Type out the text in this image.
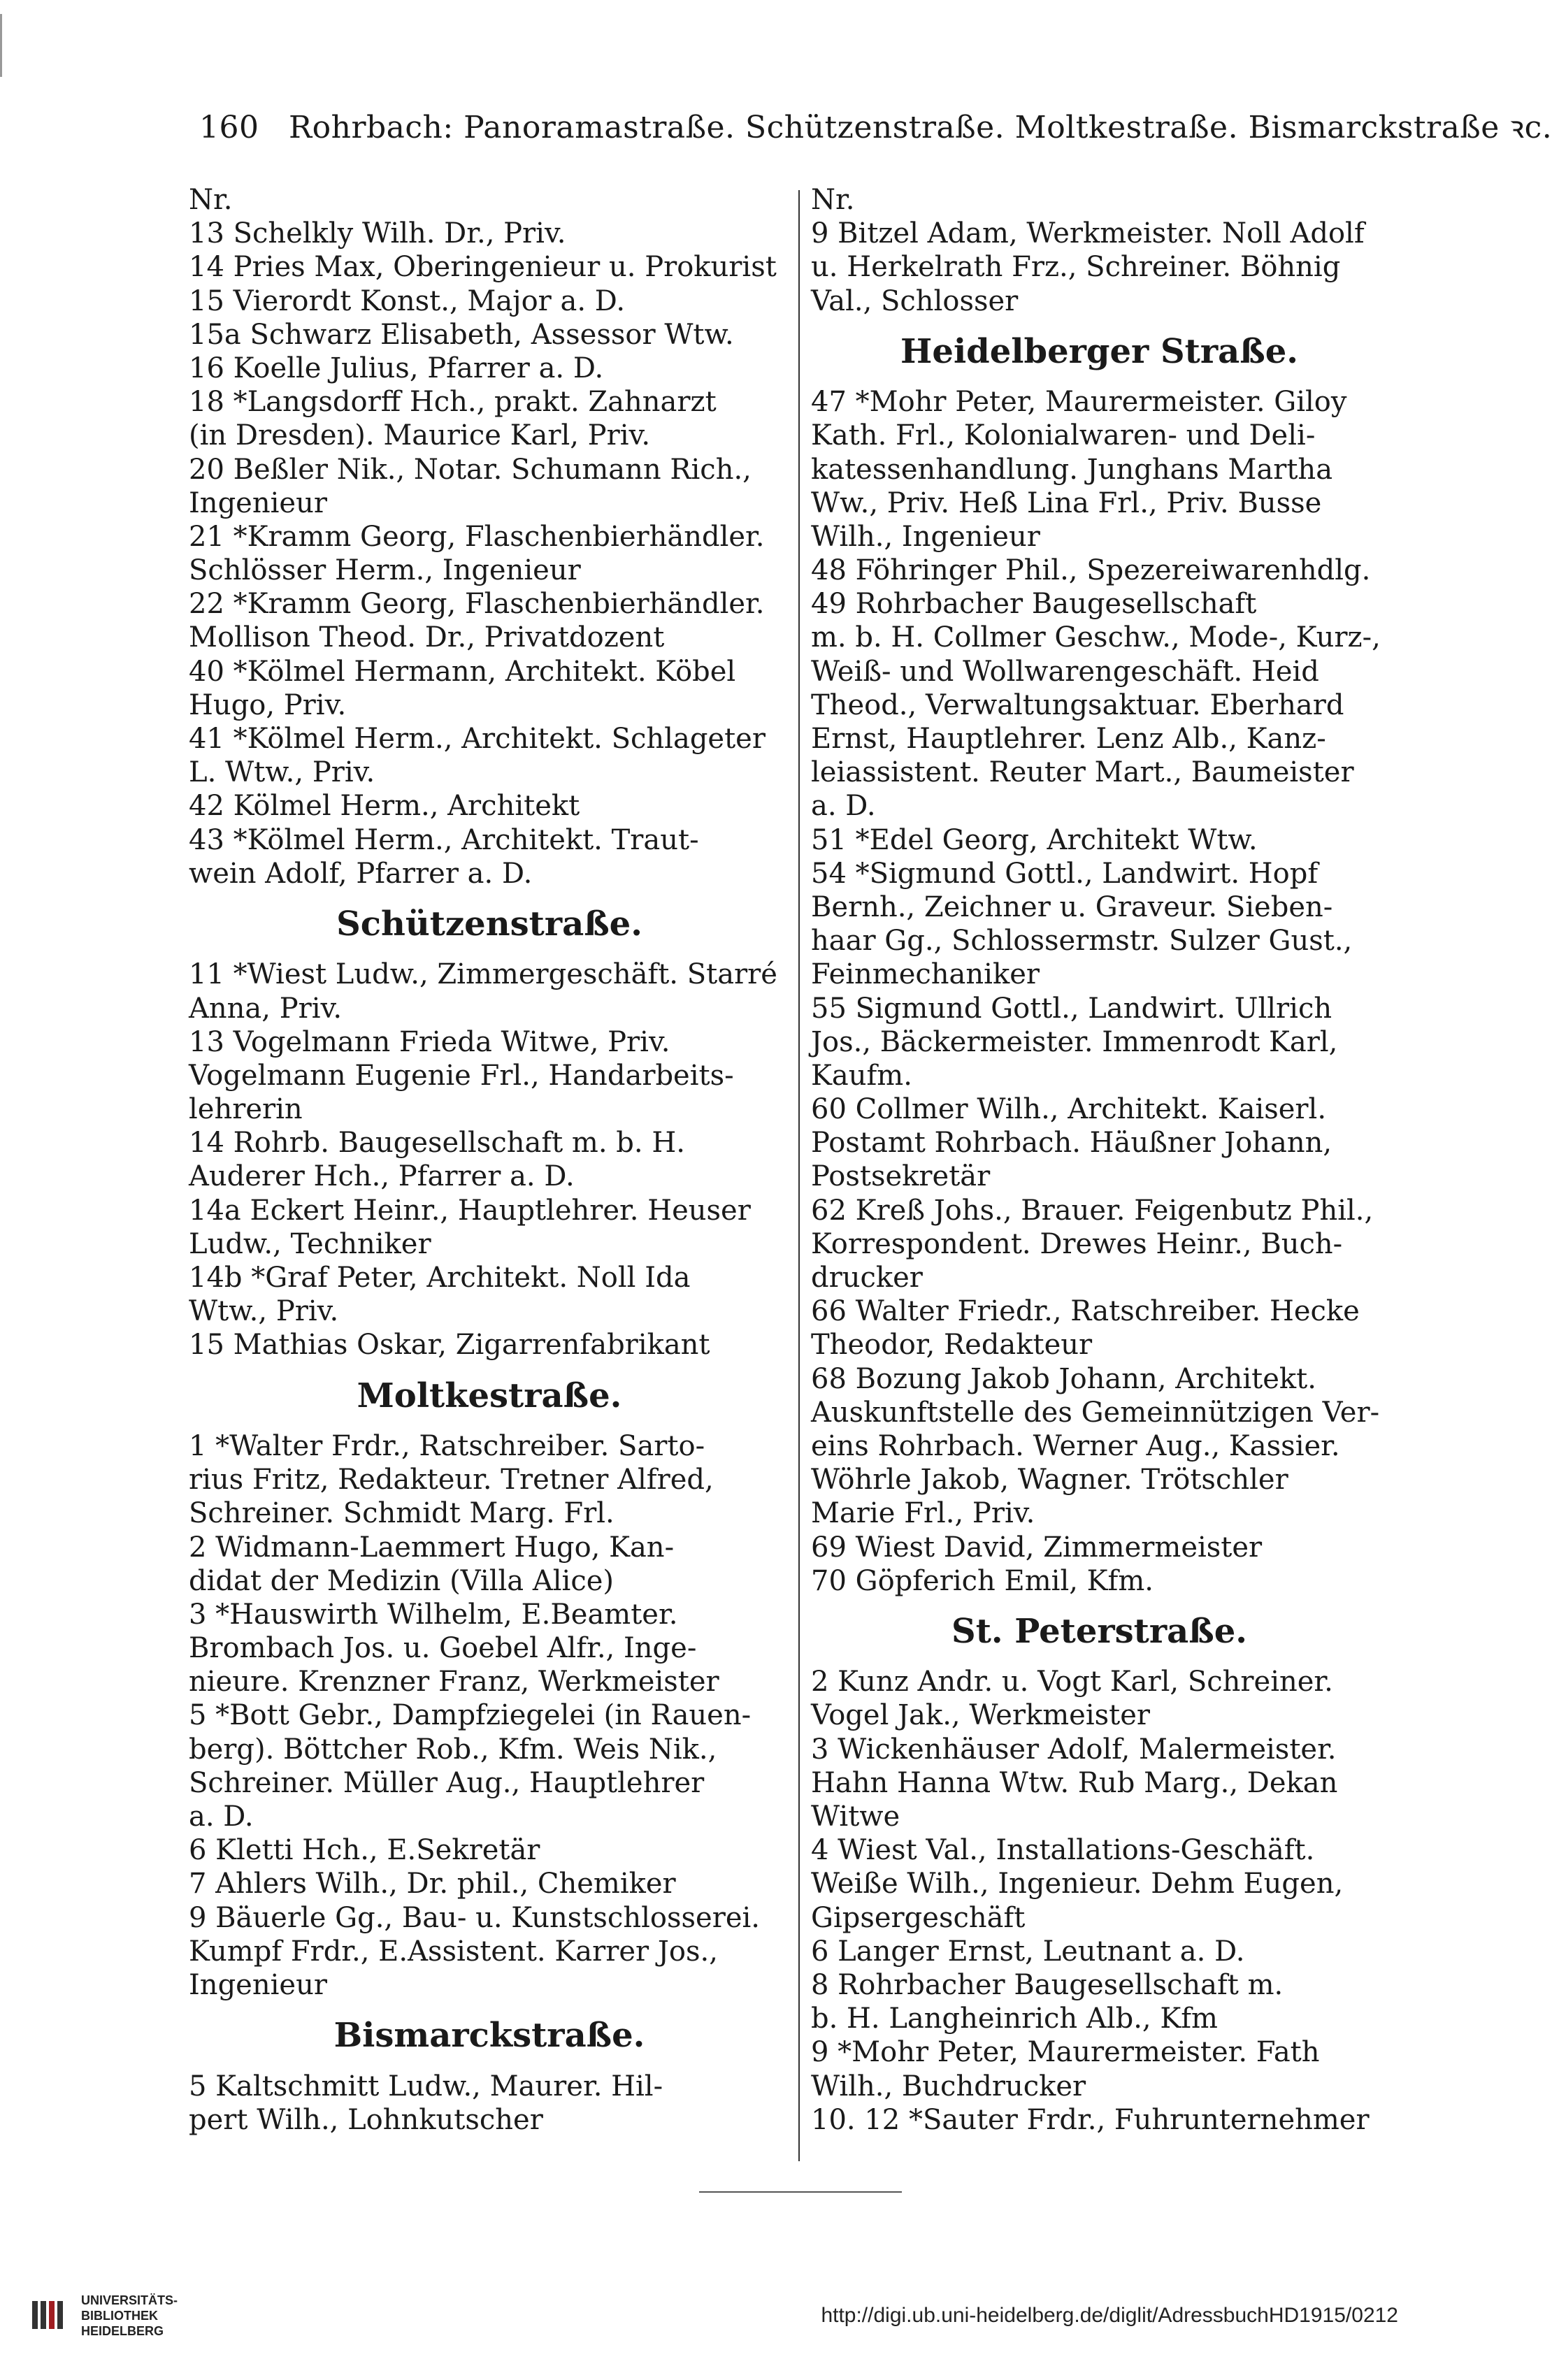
160 Rohrbach: Panoramastraße. Schützenstraße. Moltkestraße. Bismarckstraße ꝛc.
Nr.
13 Schelkly Wilh. Dr., Priv.
14 Pries Max, Oberingenieur u. Prokurist
15 Vierordt Konst., Major a. D.
15a Schwarz Elisabeth, Assessor Wtw.
16 Koelle Julius, Pfarrer a. D.
18 *Langsdorff Hch., prakt. Zahnarzt
(in Dresden). Maurice Karl, Priv.
20 Beßler Nik., Notar. Schumann Rich.,
Ingenieur
21 *Kramm Georg, Flaschenbierhändler.
Schlösser Herm., Ingenieur
22 *Kramm Georg, Flaschenbierhändler.
Mollison Theod. Dr., Privatdozent
40 *Kölmel Hermann, Architekt. Köbel
Hugo, Priv.
41 *Kölmel Herm., Architekt. Schlageter
L. Wtw., Priv.
42 Kölmel Herm., Architekt
43 *Kölmel Herm., Architekt. Traut-
wein Adolf, Pfarrer a. D.
Schützenstraße.
11 *Wiest Ludw., Zimmergeschäft. Starré
Anna, Priv.
13 Vogelmann Frieda Witwe, Priv.
Vogelmann Eugenie Frl., Handarbeits-
lehrerin
14 Rohrb. Baugesellschaft m. b. H.
Auderer Hch., Pfarrer a. D.
14a Eckert Heinr., Hauptlehrer. Heuser
Ludw., Techniker
14b *Graf Peter, Architekt. Noll Ida
Wtw., Priv.
15 Mathias Oskar, Zigarrenfabrikant
Moltkestraße.
1 *Walter Frdr., Ratschreiber. Sarto-
rius Fritz, Redakteur. Tretner Alfred,
Schreiner. Schmidt Marg. Frl.
2 Widmann-Laemmert Hugo, Kan-
didat der Medizin (Villa Alice)
3 *Hauswirth Wilhelm, E.Beamter.
Brombach Jos. u. Goebel Alfr., Inge-
nieure. Krenzner Franz, Werkmeister
5 *Bott Gebr., Dampfziegelei (in Rauen-
berg). Böttcher Rob., Kfm. Weis Nik.,
Schreiner. Müller Aug., Hauptlehrer
a. D.
6 Kletti Hch., E.Sekretär
7 Ahlers Wilh., Dr. phil., Chemiker
9 Bäuerle Gg., Bau- u. Kunstschlosserei.
Kumpf Frdr., E.Assistent. Karrer Jos.,
Ingenieur
Bismarckstraße.
5 Kaltschmitt Ludw., Maurer. Hil-
pert Wilh., Lohnkutscher
Nr.
9 Bitzel Adam, Werkmeister. Noll Adolf
u. Herkelrath Frz., Schreiner. Böhnig
Val., Schlosser
Heidelberger Straße.
47 *Mohr Peter, Maurermeister. Giloy
Kath. Frl., Kolonialwaren- und Deli-
katessenhandlung. Junghans Martha
Ww., Priv. Heß Lina Frl., Priv. Busse
Wilh., Ingenieur
48 Föhringer Phil., Spezereiwarenhdlg.
49 Rohrbacher Baugesellschaft
m. b. H. Collmer Geschw., Mode-, Kurz-,
Weiß- und Wollwarengeschäft. Heid
Theod., Verwaltungsaktuar. Eberhard
Ernst, Hauptlehrer. Lenz Alb., Kanz-
leiassistent. Reuter Mart., Baumeister
a. D.
51 *Edel Georg, Architekt Wtw.
54 *Sigmund Gottl., Landwirt. Hopf
Bernh., Zeichner u. Graveur. Sieben-
haar Gg., Schlossermstr. Sulzer Gust.,
Feinmechaniker
55 Sigmund Gottl., Landwirt. Ullrich
Jos., Bäckermeister. Immenrodt Karl,
Kaufm.
60 Collmer Wilh., Architekt. Kaiserl.
Postamt Rohrbach. Häußner Johann,
Postsekretär
62 Kreß Johs., Brauer. Feigenbutz Phil.,
Korrespondent. Drewes Heinr., Buch-
drucker
66 Walter Friedr., Ratschreiber. Hecke
Theodor, Redakteur
68 Bozung Jakob Johann, Architekt.
Auskunftstelle des Gemeinnützigen Ver-
eins Rohrbach. Werner Aug., Kassier.
Wöhrle Jakob, Wagner. Trötschler
Marie Frl., Priv.
69 Wiest David, Zimmermeister
70 Göpferich Emil, Kfm.
St. Peterstraße.
2 Kunz Andr. u. Vogt Karl, Schreiner.
Vogel Jak., Werkmeister
3 Wickenhäuser Adolf, Malermeister.
Hahn Hanna Wtw. Rub Marg., Dekan
Witwe
4 Wiest Val., Installations-Geschäft.
Weiße Wilh., Ingenieur. Dehm Eugen,
Gipsergeschäft
6 Langer Ernst, Leutnant a. D.
8 Rohrbacher Baugesellschaft m.
b. H. Langheinrich Alb., Kfm
9 *Mohr Peter, Maurermeister. Fath
Wilh., Buchdrucker
10. 12 *Sauter Frdr., Fuhrunternehmer
UNIVERSITÄTS-
BIBLIOTHEK
HEIDELBERG
http://digi.ub.uni-heidelberg.de/diglit/AdressbuchHD1915/0212
